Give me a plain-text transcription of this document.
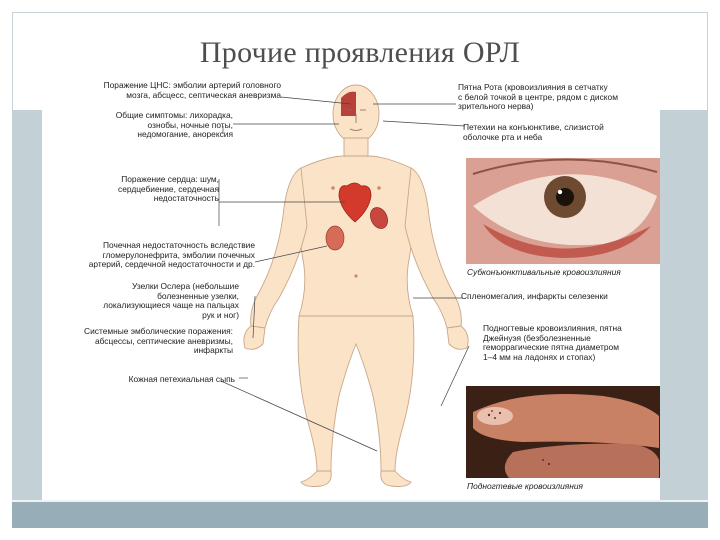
Прочие проявления ОРЛ

Поражение ЦНС: эмболии артерий головного
мозга, абсцесс, септическая аневризма

Общие симптомы: лихорадка,
ознобы, ночные поты,
недомогание, анорексия

Поражение сердца: шум,
сердцебиение, сердечная
недостаточность

Почечная недостаточность вследствие
гломерулонефрита, эмболии почечных
артерий, сердечной недостаточности и др.

Узелки Ослера (небольшие
болезненные узелки,
локализующиеся чаще на пальцах
рук и ног)

Системные эмболические поражения:
абсцессы, септические аневризмы,
инфаркты

Кожная петехиальная сыпь

Пятна Рота (кровоизлияния в сетчатку
с белой точкой в центре, рядом с диском
зрительного нерва)

Петехии на конъюнктиве, слизистой
оболочке рта и неба

Спленомегалия, инфаркты селезенки

Подногтевые кровоизлияния, пятна
Джейнуэя (безболезненные
геморрагические пятна диаметром
1–4 мм на ладонях и стопах)

Субконъюнктивальные кровоизлияния

Подногтевые кровоизлияния
